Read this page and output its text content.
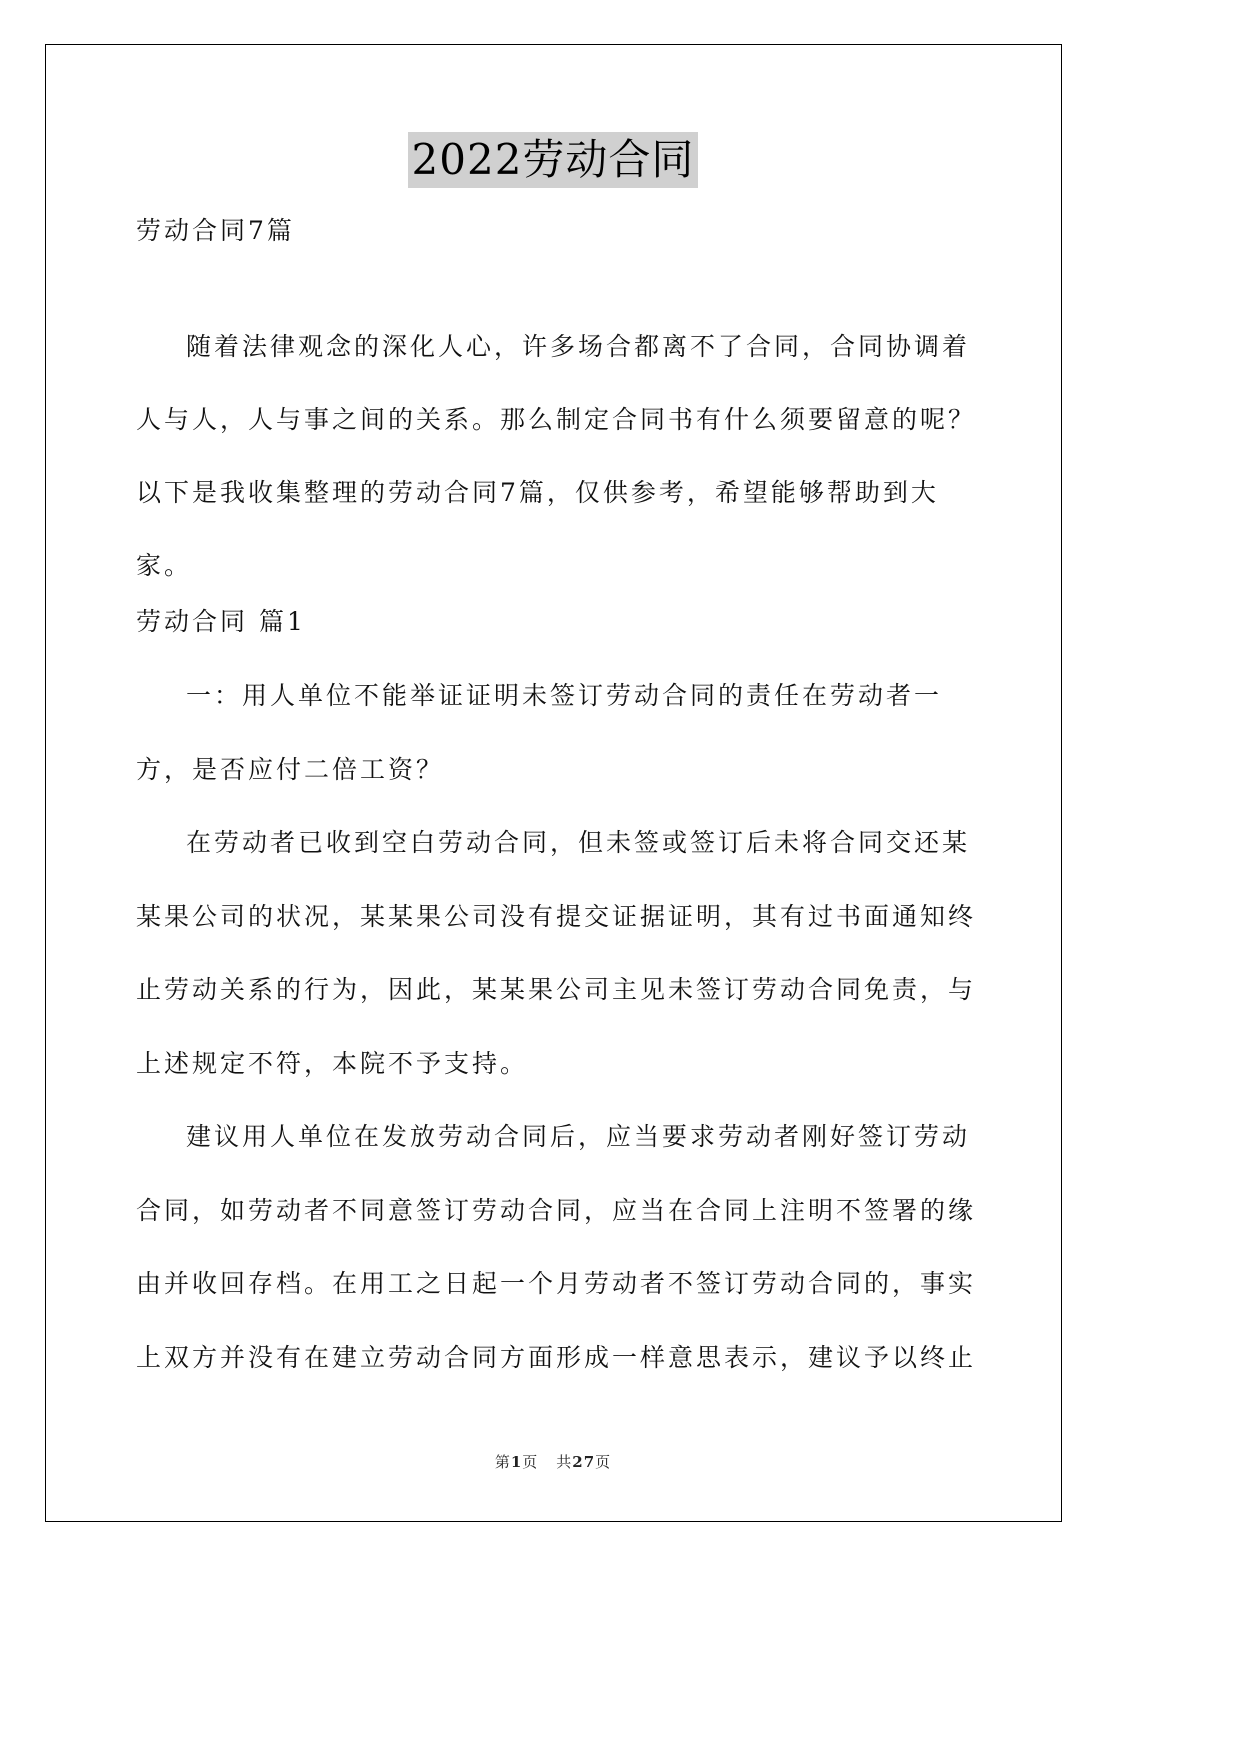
2022劳动合同
劳动合同7篇

随着法律观念的深化人心，许多场合都离不了合同，合同协调着人与人，人与事之间的关系。那么制定合同书有什么须要留意的呢？以下是我收集整理的劳动合同7篇，仅供参考，希望能够帮助到大家。

劳动合同 篇1

一：用人单位不能举证证明未签订劳动合同的责任在劳动者一方，是否应付二倍工资？

在劳动者已收到空白劳动合同，但未签或签订后未将合同交还某某果公司的状况，某某果公司没有提交证据证明，其有过书面通知终止劳动关系的行为，因此，某某果公司主见未签订劳动合同免责，与上述规定不符，本院不予支持。

建议用人单位在发放劳动合同后，应当要求劳动者刚好签订劳动合同，如劳动者不同意签订劳动合同，应当在合同上注明不签署的缘由并收回存档。在用工之日起一个月劳动者不签订劳动合同的，事实上双方并没有在建立劳动合同方面形成一样意思表示，建议予以终止

第1页 共27页
